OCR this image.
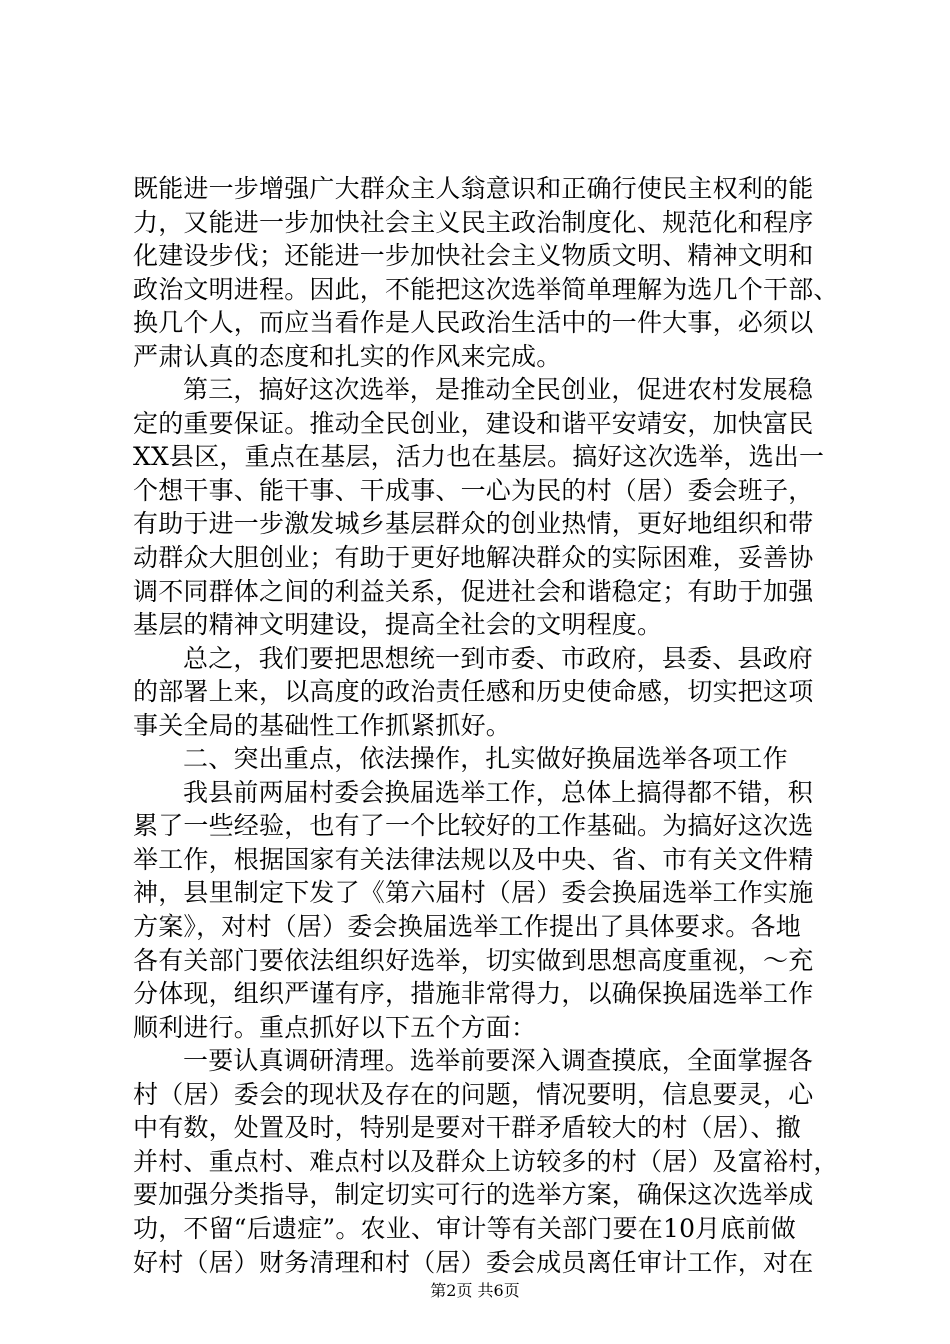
既能进一步增强广大群众主人翁意识和正确行使民主权利的能
力，又能进一步加快社会主义民主政治制度化、规范化和程序
化建设步伐；还能进一步加快社会主义物质文明、精神文明和
政治文明进程。因此，不能把这次选举简单理解为选几个干部、
换几个人，而应当看作是人民政治生活中的一件大事，必须以
严肃认真的态度和扎实的作风来完成。
第三，搞好这次选举，是推动全民创业，促进农村发展稳
定的重要保证。推动全民创业，建设和谐平安靖安，加快富民
XX县区，重点在基层，活力也在基层。搞好这次选举，选出一
个想干事、能干事、干成事、一心为民的村（居）委会班子，
有助于进一步激发城乡基层群众的创业热情，更好地组织和带
动群众大胆创业；有助于更好地解决群众的实际困难，妥善协
调不同群体之间的利益关系，促进社会和谐稳定；有助于加强
基层的精神文明建设，提高全社会的文明程度。
总之，我们要把思想统一到市委、市政府，县委、县政府
的部署上来，以高度的政治责任感和历史使命感，切实把这项
事关全局的基础性工作抓紧抓好。
二、突出重点，依法操作，扎实做好换届选举各项工作
我县前两届村委会换届选举工作，总体上搞得都不错，积
累了一些经验，也有了一个比较好的工作基础。为搞好这次选
举工作，根据国家有关法律法规以及中央、省、市有关文件精
神，县里制定下发了《第六届村（居）委会换届选举工作实施
方案》，对村（居）委会换届选举工作提出了具体要求。各地
各有关部门要依法组织好选举，切实做到思想高度重视，～充
分体现，组织严谨有序，措施非常得力，以确保换届选举工作
顺利进行。重点抓好以下五个方面：
一要认真调研清理。选举前要深入调查摸底，全面掌握各
村（居）委会的现状及存在的问题，情况要明，信息要灵，心
中有数，处置及时，特别是要对干群矛盾较大的村（居）、撤
并村、重点村、难点村以及群众上访较多的村（居）及富裕村，
要加强分类指导，制定切实可行的选举方案，确保这次选举成
功，不留“后遗症”。农业、审计等有关部门要在10月底前做
好村（居）财务清理和村（居）委会成员离任审计工作，对在
第2页 共6页
